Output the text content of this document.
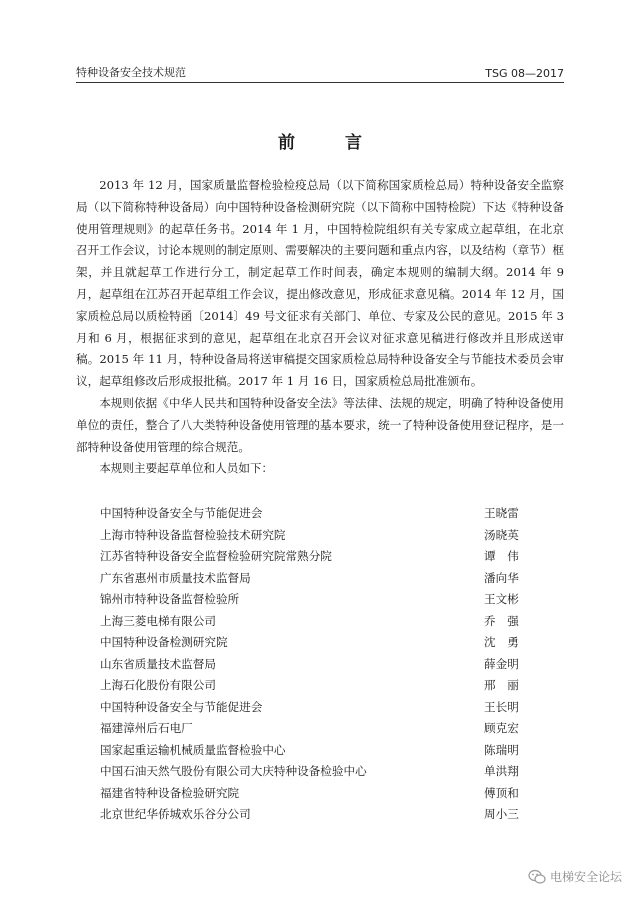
特种设备安全技术规范	TSG 08—2017
前 言

2013 年 12 月，国家质量监督检验检疫总局（以下简称国家质检总局）特种设备安全监察局（以下简称特种设备局）向中国特种设备检测研究院（以下简称中国特检院）下达《特种设备使用管理规则》的起草任务书。2014 年 1 月，中国特检院组织有关专家成立起草组，在北京召开工作会议，讨论本规则的制定原则、需要解决的主要问题和重点内容，以及结构（章节）框架，并且就起草工作进行分工，制定起草工作时间表，确定本规则的编制大纲。2014 年 9 月，起草组在江苏召开起草组工作会议，提出修改意见，形成征求意见稿。2014 年 12 月，国家质检总局以质检特函〔2014〕49 号文征求有关部门、单位、专家及公民的意见。2015 年 3 月和 6 月，根据征求到的意见，起草组在北京召开会议对征求意见稿进行修改并且形成送审稿。2015 年 11 月，特种设备局将送审稿提交国家质检总局特种设备安全与节能技术委员会审议，起草组修改后形成报批稿。2017 年 1 月 16 日，国家质检总局批准颁布。

本规则依据《中华人民共和国特种设备安全法》等法律、法规的规定，明确了特种设备使用单位的责任，整合了八大类特种设备使用管理的基本要求，统一了特种设备使用登记程序，是一部特种设备使用管理的综合规范。

本规则主要起草单位和人员如下：

中国特种设备安全与节能促进会	王晓雷
上海市特种设备监督检验技术研究院	汤晓英
江苏省特种设备安全监督检验研究院常熟分院	谭　伟
广东省惠州市质量技术监督局	潘向华
锦州市特种设备监督检验所	王文彬
上海三菱电梯有限公司	乔　强
中国特种设备检测研究院	沈　勇
山东省质量技术监督局	薛金明
上海石化股份有限公司	邢　丽
中国特种设备安全与节能促进会	王长明
福建漳州后石电厂	顾克宏
国家起重运输机械质量监督检验中心	陈瑞明
中国石油天然气股份有限公司大庆特种设备检验中心	单洪翔
福建省特种设备检验研究院	傅顶和
北京世纪华侨城欢乐谷分公司	周小三
电梯安全论坛
